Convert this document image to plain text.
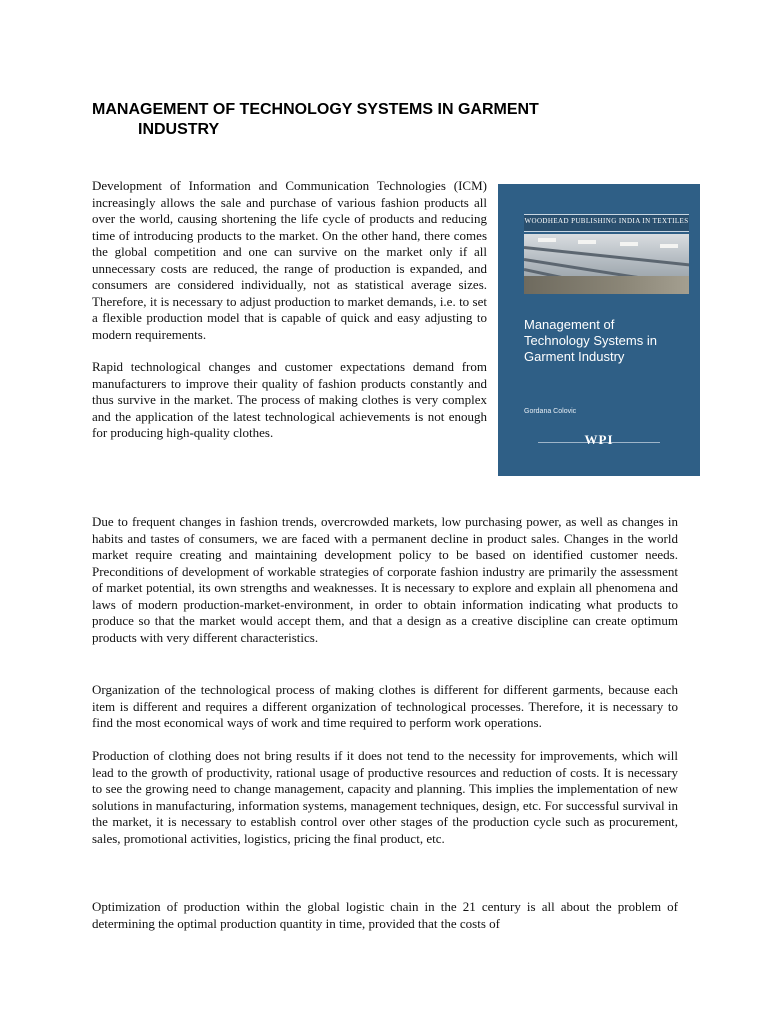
MANAGEMENT OF TECHNOLOGY SYSTEMS IN GARMENT
INDUSTRY

Development of Information and Communication Technologies (ICM) increasingly allows the sale and purchase of various fashion products all over the world, causing shortening the life cycle of products and reducing time of introducing products to the market. On the other hand, there comes the global competition and one can survive on the market only if all unnecessary costs are reduced, the range of production is expanded, and consumers are considered individually, not as statistical average sizes. Therefore, it is necessary to adjust production to market demands, i.e. to set a flexible production model that is capable of quick and easy adjusting to modern requirements.

Rapid technological changes and customer expectations demand from manufacturers to improve their quality of fashion products constantly and thus survive in the market. The process of making clothes is very complex and the application of the latest technological achievements is not enough for producing high-quality clothes.

WOODHEAD PUBLISHING INDIA IN TEXTILES
Management of
Technology Systems in
Garment Industry
Gordana Colovic
WPI

Due to frequent changes in fashion trends, overcrowded markets, low purchasing power, as well as changes in habits and tastes of consumers, we are faced with a permanent decline in product sales. Changes in the world market require creating and maintaining development policy to be based on identified customer needs. Preconditions of development of workable strategies of corporate fashion industry are primarily the assessment of market potential, its own strengths and weaknesses. It is necessary to explore and explain all phenomena and laws of modern production-market-environment, in order to obtain information indicating what products to produce so that the market would accept them, and that a design as a creative discipline can create optimum products with very different characteristics.

Organization of the technological process of making clothes is different for different garments, because each item is different and requires a different organization of technological processes. Therefore, it is necessary to find the most economical ways of work and time required to perform work operations.

Production of clothing does not bring results if it does not tend to the necessity for improvements, which will lead to the growth of productivity, rational usage of productive resources and reduction of costs. It is necessary to see the growing need to change management, capacity and planning. This implies the implementation of new solutions in manufacturing, information systems, management techniques, design, etc. For successful survival in the market, it is necessary to establish control over other stages of the production cycle such as procurement, sales, promotional activities, logistics, pricing the final product, etc.

Optimization of production within the global logistic chain in the 21 century is all about the problem of determining the optimal production quantity in time, provided that the costs of
